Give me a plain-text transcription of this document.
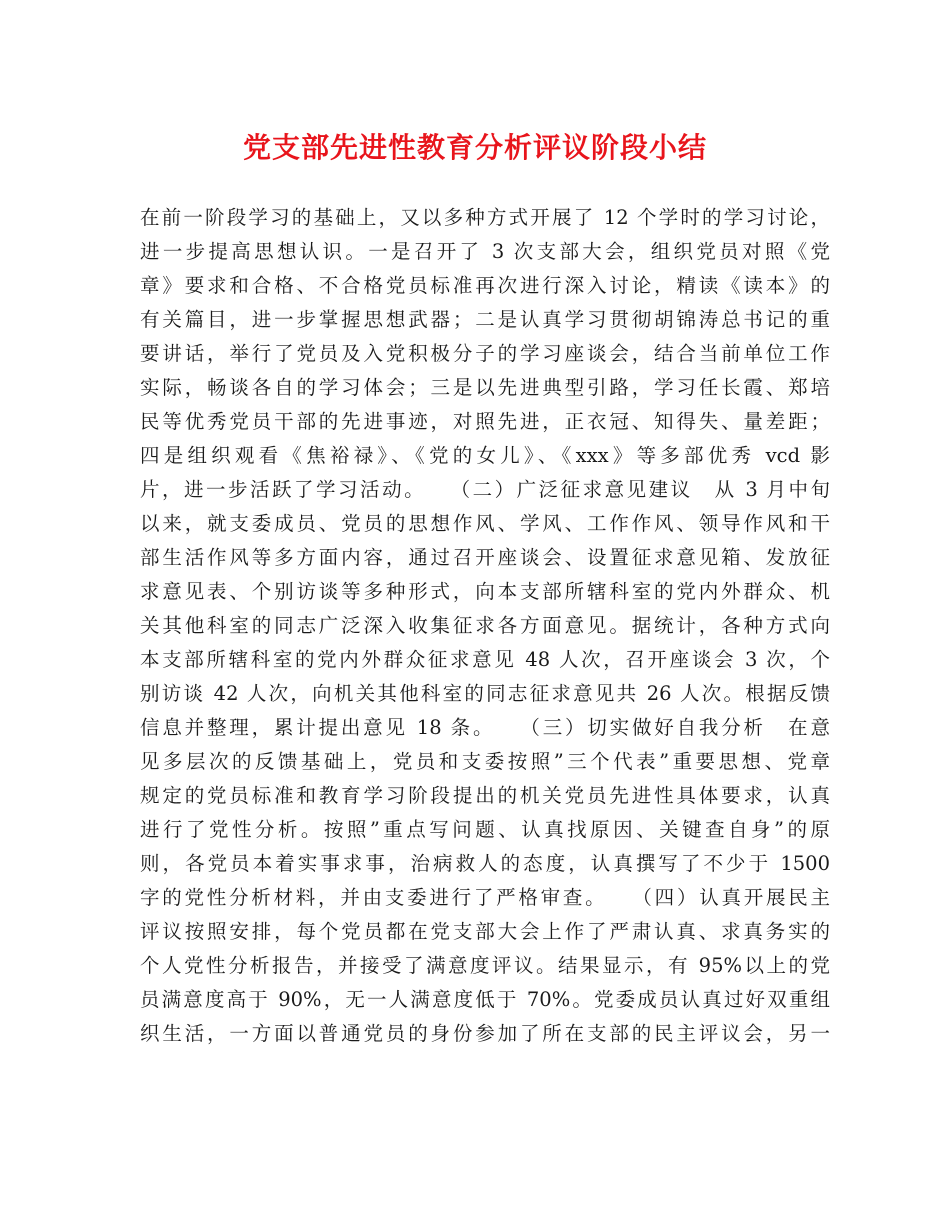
党支部先进性教育分析评议阶段小结
在前一阶段学习的基础上，又以多种方式开展了 12 个学时的学习讨论，
进一步提高思想认识。一是召开了 3 次支部大会，组织党员对照《党
章》要求和合格、不合格党员标准再次进行深入讨论，精读《读本》的
有关篇目，进一步掌握思想武器；二是认真学习贯彻胡锦涛总书记的重
要讲话，举行了党员及入党积极分子的学习座谈会，结合当前单位工作
实际，畅谈各自的学习体会；三是以先进典型引路，学习任长霞、郑培
民等优秀党员干部的先进事迹，对照先进，正衣冠、知得失、量差距；
四是组织观看《焦裕禄》、《党的女儿》、《xxx》等多部优秀 vcd 影
片，进一步活跃了学习活动。　　（二）广泛征求意见建议　从 3 月中旬
以来，就支委成员、党员的思想作风、学风、工作作风、领导作风和干
部生活作风等多方面内容，通过召开座谈会、设置征求意见箱、发放征
求意见表、个别访谈等多种形式，向本支部所辖科室的党内外群众、机
关其他科室的同志广泛深入收集征求各方面意见。据统计，各种方式向
本支部所辖科室的党内外群众征求意见 48 人次，召开座谈会 3 次，个
别访谈 42 人次，向机关其他科室的同志征求意见共 26 人次。根据反馈
信息并整理，累计提出意见 18 条。　　（三）切实做好自我分析　在意
见多层次的反馈基础上，党员和支委按照”三个代表”重要思想、党章
规定的党员标准和教育学习阶段提出的机关党员先进性具体要求，认真
进行了党性分析。按照”重点写问题、认真找原因、关键查自身”的原
则，各党员本着实事求事，治病救人的态度，认真撰写了不少于 1500
字的党性分析材料，并由支委进行了严格审查。　　（四）认真开展民主
评议按照安排，每个党员都在党支部大会上作了严肃认真、求真务实的
个人党性分析报告，并接受了满意度评议。结果显示，有 95%以上的党
员满意度高于 90%，无一人满意度低于 70%。党委成员认真过好双重组
织生活，一方面以普通党员的身份参加了所在支部的民主评议会，另一
